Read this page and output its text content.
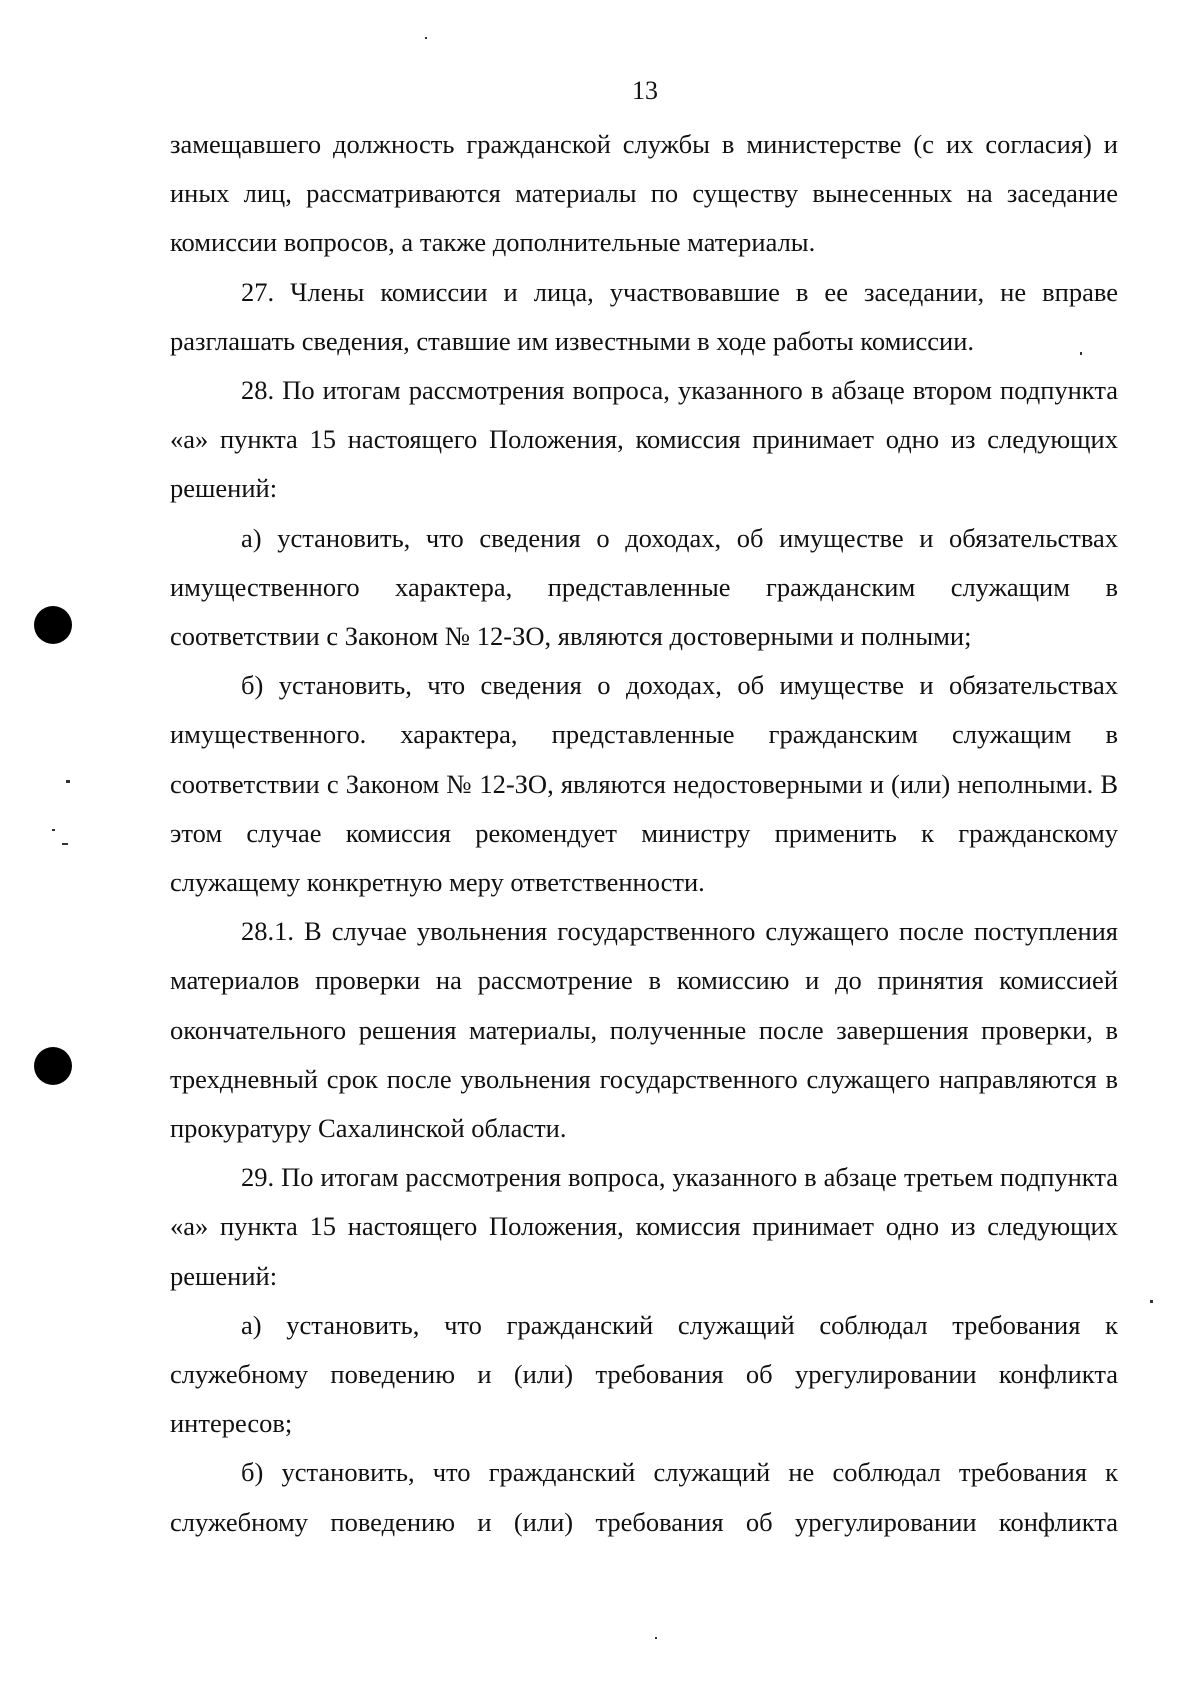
13

замещавшего должность гражданской службы в министерстве (с их согласия) и иных лиц, рассматриваются материалы по существу вынесенных на заседание комиссии вопросов, а также дополнительные материалы.

27. Члены комиссии и лица, участвовавшие в ее заседании, не вправе разглашать сведения, ставшие им известными в ходе работы комиссии.

28. По итогам рассмотрения вопроса, указанного в абзаце втором подпункта «а» пункта 15 настоящего Положения, комиссия принимает одно из следующих решений:

а) установить, что сведения о доходах, об имуществе и обязательствах имущественного характера, представленные гражданским служащим в соответствии с Законом № 12-ЗО, являются достоверными и полными;

б) установить, что сведения о доходах, об имуществе и обязательствах имущественного. характера, представленные гражданским служащим в соответствии с Законом № 12-ЗО, являются недостоверными и (или) неполными. В этом случае комиссия рекомендует министру применить к гражданскому служащему конкретную меру ответственности.

28.1. В случае увольнения государственного служащего после поступления материалов проверки на рассмотрение в комиссию и до принятия комиссией окончательного решения материалы, полученные после завершения проверки, в трехдневный срок после увольнения государственного служащего направляются в прокуратуру Сахалинской области.

29. По итогам рассмотрения вопроса, указанного в абзаце третьем подпункта «а» пункта 15 настоящего Положения, комиссия принимает одно из следующих решений:

а) установить, что гражданский служащий соблюдал требования к служебному поведению и (или) требования об урегулировании конфликта интересов;

б) установить, что гражданский служащий не соблюдал требования к служебному поведению и (или) требования об урегулировании конфликта
